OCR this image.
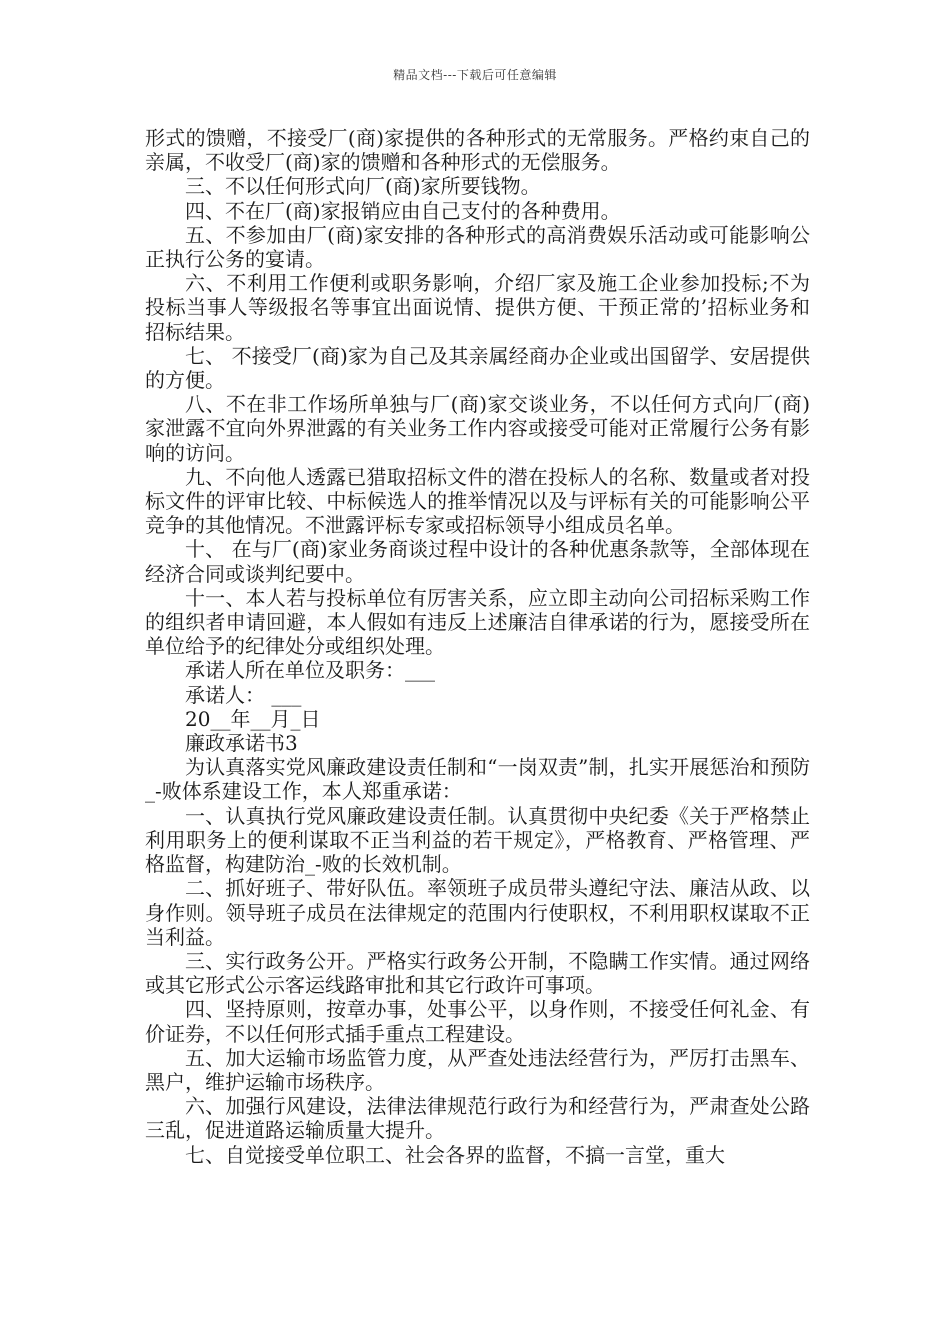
精品文档---下载后可任意编辑

形式的馈赠，不接受厂(商)家提供的各种形式的无常服务。严格约束自己的亲属，不收受厂(商)家的馈赠和各种形式的无偿服务。

三、不以任何形式向厂(商)家所要钱物。

四、不在厂(商)家报销应由自己支付的各种费用。

五、不参加由厂(商)家安排的各种形式的高消费娱乐活动或可能影响公正执行公务的宴请。

六、不利用工作便利或职务影响，介绍厂家及施工企业参加投标;不为投标当事人等级报名等事宜出面说情、提供方便、干预正常的’招标业务和招标结果。

七、 不接受厂(商)家为自己及其亲属经商办企业或出国留学、安居提供的方便。

八、不在非工作场所单独与厂(商)家交谈业务，不以任何方式向厂(商)家泄露不宜向外界泄露的有关业务工作内容或接受可能对正常履行公务有影响的访问。

九、不向他人透露已猎取招标文件的潜在投标人的名称、数量或者对投标文件的评审比较、中标候选人的推举情况以及与评标有关的可能影响公平竞争的其他情况。不泄露评标专家或招标领导小组成员名单。

十、 在与厂(商)家业务商谈过程中设计的各种优惠条款等，全部体现在经济合同或谈判纪要中。

十一、本人若与投标单位有厉害关系，应立即主动向公司招标采购工作的组织者申请回避，本人假如有违反上述廉洁自律承诺的行为，愿接受所在单位给予的纪律处分或组织处理。

承诺人所在单位及职务：___

承诺人： ___

20__年__月_日

廉政承诺书3

为认真落实党风廉政建设责任制和“一岗双责”制，扎实开展惩治和预防_-败体系建设工作，本人郑重承诺：

一、认真执行党风廉政建设责任制。认真贯彻中央纪委《关于严格禁止利用职务上的便利谋取不正当利益的若干规定》，严格教育、严格管理、严格监督，构建防治_-败的长效机制。

二、抓好班子、带好队伍。率领班子成员带头遵纪守法、廉洁从政、以身作则。领导班子成员在法律规定的范围内行使职权，不利用职权谋取不正当利益。

三、实行政务公开。严格实行政务公开制，不隐瞒工作实情。通过网络或其它形式公示客运线路审批和其它行政许可事项。

四、坚持原则，按章办事，处事公平，以身作则，不接受任何礼金、有价证券，不以任何形式插手重点工程建设。

五、加大运输市场监管力度，从严查处违法经营行为，严厉打击黑车、黑户，维护运输市场秩序。

六、加强行风建设，法律法律规范行政行为和经营行为，严肃查处公路三乱，促进道路运输质量大提升。

七、自觉接受单位职工、社会各界的监督，不搞一言堂，重大
